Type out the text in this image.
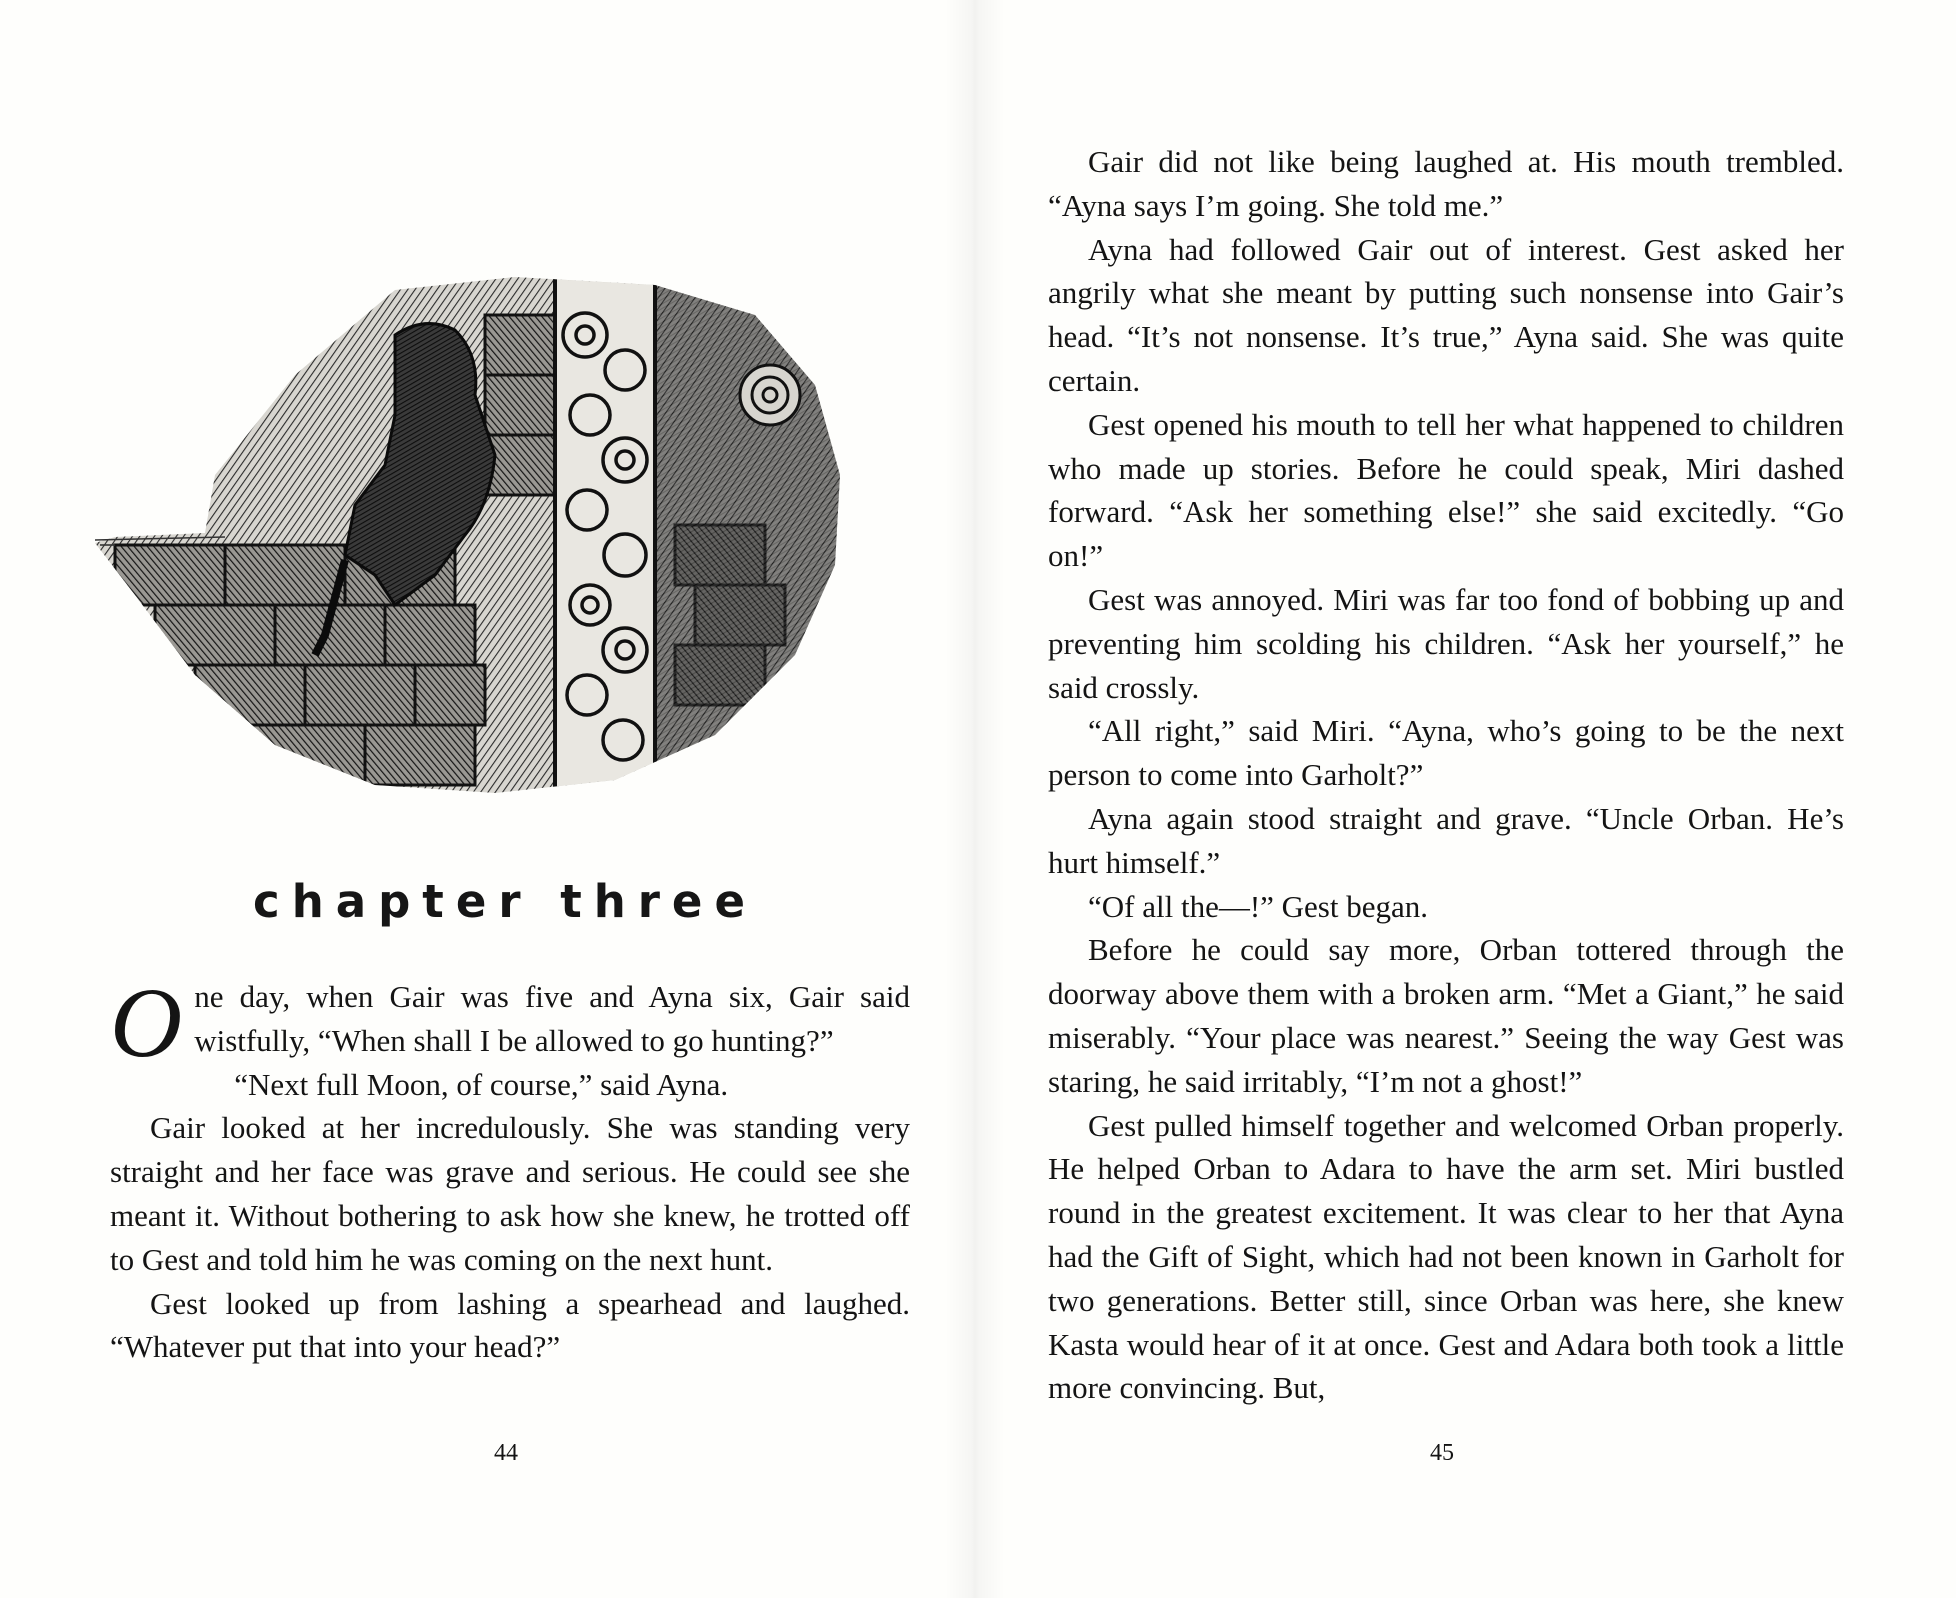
chapter three

One day, when Gair was five and Ayna six, Gair said wistfully, “When shall I be allowed to go hunting?”

“Next full Moon, of course,” said Ayna.

Gair looked at her incredulously. She was standing very straight and her face was grave and serious. He could see she meant it. Without bothering to ask how she knew, he trotted off to Gest and told him he was coming on the next hunt.

Gest looked up from lashing a spearhead and laughed. “Whatever put that into your head?”

44

Gair did not like being laughed at. His mouth trembled. “Ayna says I’m going. She told me.”

Ayna had followed Gair out of interest. Gest asked her angrily what she meant by putting such nonsense into Gair’s head. “It’s not nonsense. It’s true,” Ayna said. She was quite certain.

Gest opened his mouth to tell her what happened to children who made up stories. Before he could speak, Miri dashed forward. “Ask her something else!” she said excitedly. “Go on!”

Gest was annoyed. Miri was far too fond of bobbing up and preventing him scolding his children. “Ask her yourself,” he said crossly.

“All right,” said Miri. “Ayna, who’s going to be the next person to come into Garholt?”

Ayna again stood straight and grave. “Uncle Orban. He’s hurt himself.”

“Of all the—!” Gest began.

Before he could say more, Orban tottered through the doorway above them with a broken arm. “Met a Giant,” he said miserably. “Your place was nearest.” Seeing the way Gest was staring, he said irritably, “I’m not a ghost!”

Gest pulled himself together and welcomed Orban properly. He helped Orban to Adara to have the arm set. Miri bustled round in the greatest excitement. It was clear to her that Ayna had the Gift of Sight, which had not been known in Garholt for two generations. Better still, since Orban was here, she knew Kasta would hear of it at once. Gest and Adara both took a little more convincing. But,

45
